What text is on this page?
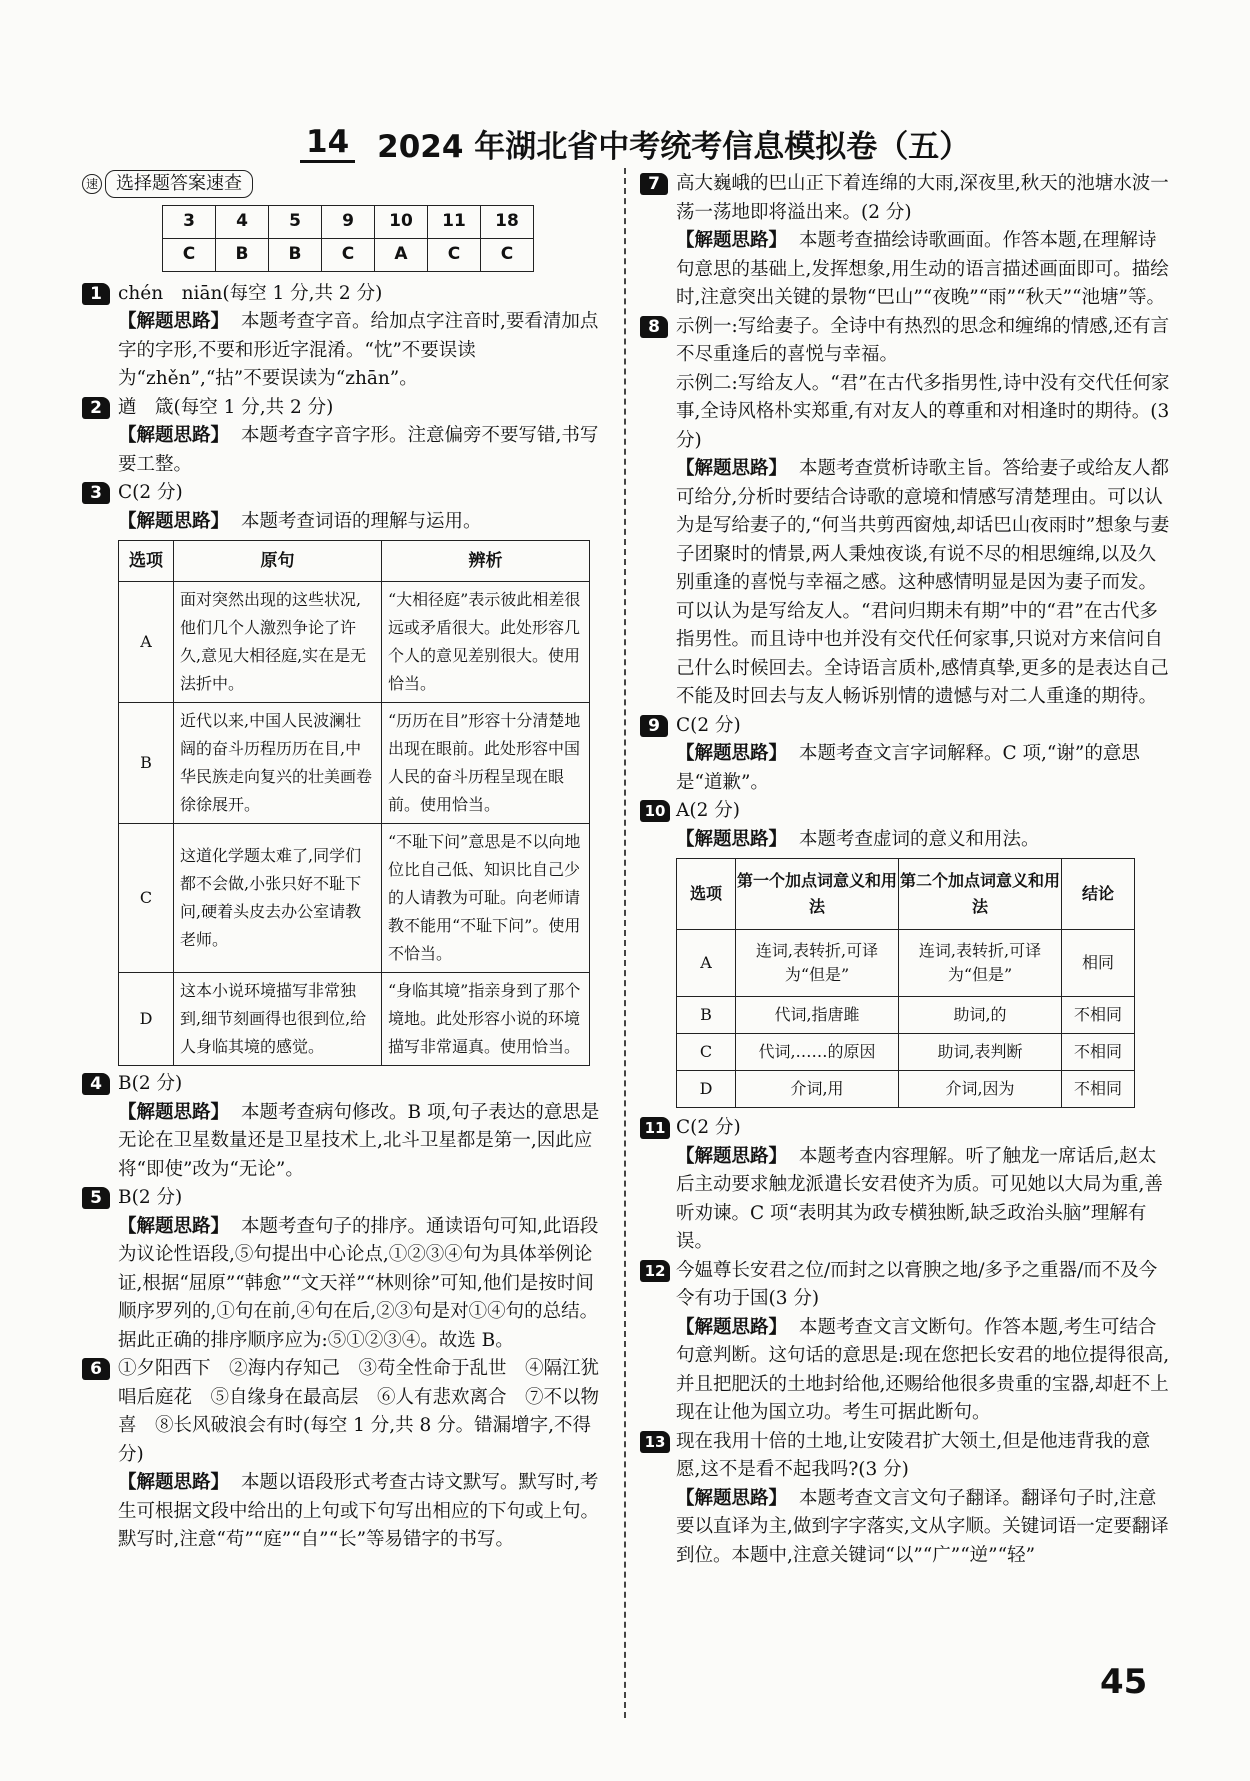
14 2024 年湖北省中考统考信息模拟卷（五）
速 选择题答案速查
3	4	5	9	10	11	18
C	B	B	C	A	C	C
1 chén　niān(每空 1 分,共 2 分)
【解题思路】 本题考查字音。给加点字注音时,要看清加点字的字形,不要和形近字混淆。“忱”不要误读为“zhěn”,“拈”不要误读为“zhān”。
2 遒　箴(每空 1 分,共 2 分)
【解题思路】 本题考查字音字形。注意偏旁不要写错,书写要工整。
3 C(2 分)
【解题思路】 本题考查词语的理解与运用。
选项	原句	辨析
A	面对突然出现的这些状况,他们几个人激烈争论了许久,意见大相径庭,实在是无法折中。	“大相径庭”表示彼此相差很远或矛盾很大。此处形容几个人的意见差别很大。使用恰当。
B	近代以来,中国人民波澜壮阔的奋斗历程历历在目,中华民族走向复兴的壮美画卷徐徐展开。	“历历在目”形容十分清楚地出现在眼前。此处形容中国人民的奋斗历程呈现在眼前。使用恰当。
C	这道化学题太难了,同学们都不会做,小张只好不耻下问,硬着头皮去办公室请教老师。	“不耻下问”意思是不以向地位比自己低、知识比自己少的人请教为可耻。向老师请教不能用“不耻下问”。使用不恰当。
D	这本小说环境描写非常独到,细节刻画得也很到位,给人身临其境的感觉。	“身临其境”指亲身到了那个境地。此处形容小说的环境描写非常逼真。使用恰当。
4 B(2 分)
【解题思路】 本题考查病句修改。B 项,句子表达的意思是无论在卫星数量还是卫星技术上,北斗卫星都是第一,因此应将“即使”改为“无论”。
5 B(2 分)
【解题思路】 本题考查句子的排序。通读语句可知,此语段为议论性语段,⑤句提出中心论点,①②③④句为具体举例论证,根据“屈原”“韩愈”“文天祥”“林则徐”可知,他们是按时间顺序罗列的,①句在前,④句在后,②③句是对①④句的总结。据此正确的排序顺序应为:⑤①②③④。故选 B。
6 ①夕阳西下　②海内存知己　③苟全性命于乱世　④隔江犹唱后庭花　⑤自缘身在最高层　⑥人有悲欢离合　⑦不以物喜　⑧长风破浪会有时(每空 1 分,共 8 分。错漏增字,不得分)
【解题思路】 本题以语段形式考查古诗文默写。默写时,考生可根据文段中给出的上句或下句写出相应的下句或上句。默写时,注意“苟”“庭”“自”“长”等易错字的书写。
7 高大巍峨的巴山正下着连绵的大雨,深夜里,秋天的池塘水波一荡一荡地即将溢出来。(2 分)
【解题思路】 本题考查描绘诗歌画面。作答本题,在理解诗句意思的基础上,发挥想象,用生动的语言描述画面即可。描绘时,注意突出关键的景物“巴山”“夜晚”“雨”“秋天”“池塘”等。
8 示例一:写给妻子。全诗中有热烈的思念和缠绵的情感,还有言不尽重逢后的喜悦与幸福。
示例二:写给友人。“君”在古代多指男性,诗中没有交代任何家事,全诗风格朴实郑重,有对友人的尊重和对相逢时的期待。(3 分)
【解题思路】 本题考查赏析诗歌主旨。答给妻子或给友人都可给分,分析时要结合诗歌的意境和情感写清楚理由。可以认为是写给妻子的,“何当共剪西窗烛,却话巴山夜雨时”想象与妻子团聚时的情景,两人秉烛夜谈,有说不尽的相思缠绵,以及久别重逢的喜悦与幸福之感。这种感情明显是因为妻子而发。可以认为是写给友人。“君问归期未有期”中的“君”在古代多指男性。而且诗中也并没有交代任何家事,只说对方来信问自己什么时候回去。全诗语言质朴,感情真挚,更多的是表达自己不能及时回去与友人畅诉别情的遗憾与对二人重逢的期待。
9 C(2 分)
【解题思路】 本题考查文言字词解释。C 项,“谢”的意思是“道歉”。
10 A(2 分)
【解题思路】 本题考查虚词的意义和用法。
选项	第一个加点词意义和用法	第二个加点词意义和用法	结论
A	连词,表转折,可译为“但是”	连词,表转折,可译为“但是”	相同
B	代词,指唐雎	助词,的	不相同
C	代词,……的原因	助词,表判断	不相同
D	介词,用	介词,因为	不相同
11 C(2 分)
【解题思路】 本题考查内容理解。听了触龙一席话后,赵太后主动要求触龙派遣长安君使齐为质。可见她以大局为重,善听劝谏。C 项“表明其为政专横独断,缺乏政治头脑”理解有误。
12 今媪尊长安君之位/而封之以膏腴之地/多予之重器/而不及今令有功于国(3 分)
【解题思路】 本题考查文言文断句。作答本题,考生可结合句意判断。这句话的意思是:现在您把长安君的地位提得很高,并且把肥沃的土地封给他,还赐给他很多贵重的宝器,却赶不上现在让他为国立功。考生可据此断句。
13 现在我用十倍的土地,让安陵君扩大领土,但是他违背我的意愿,这不是看不起我吗?(3 分)
【解题思路】 本题考查文言文句子翻译。翻译句子时,注意要以直译为主,做到字字落实,文从字顺。关键词语一定要翻译到位。本题中,注意关键词“以”“广”“逆”“轻”
45
